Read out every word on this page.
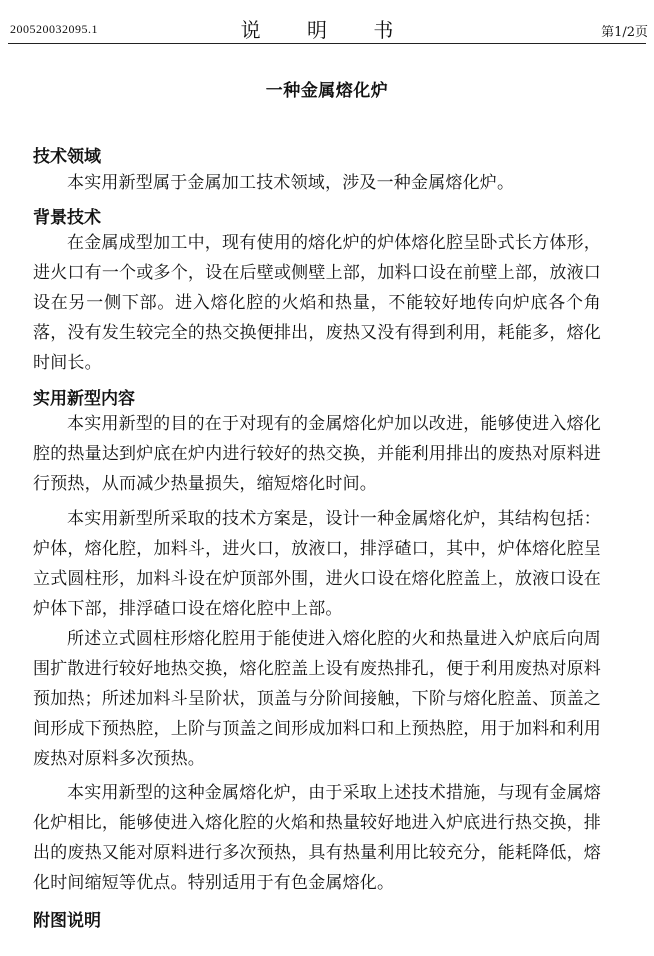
200520032095.1	说 明 书	第1/2页
一种金属熔化炉
技术领域
本实用新型属于金属加工技术领域，涉及一种金属熔化炉。
背景技术
在金属成型加工中，现有使用的熔化炉的炉体熔化腔呈卧式长方体形，进火口有一个或多个，设在后壁或侧壁上部，加料口设在前壁上部，放液口设在另一侧下部。进入熔化腔的火焰和热量，不能较好地传向炉底各个角落，没有发生较完全的热交换便排出，废热又没有得到利用，耗能多，熔化时间长。
实用新型内容
本实用新型的目的在于对现有的金属熔化炉加以改进，能够使进入熔化腔的热量达到炉底在炉内进行较好的热交换，并能利用排出的废热对原料进行预热，从而减少热量损失，缩短熔化时间。
本实用新型所采取的技术方案是，设计一种金属熔化炉，其结构包括：炉体，熔化腔，加料斗，进火口，放液口，排浮碴口，其中，炉体熔化腔呈立式圆柱形，加料斗设在炉顶部外围，进火口设在熔化腔盖上，放液口设在炉体下部，排浮碴口设在熔化腔中上部。
所述立式圆柱形熔化腔用于能使进入熔化腔的火和热量进入炉底后向周围扩散进行较好地热交换，熔化腔盖上设有废热排孔，便于利用废热对原料预加热；所述加料斗呈阶状，顶盖与分阶间接触，下阶与熔化腔盖、顶盖之间形成下预热腔，上阶与顶盖之间形成加料口和上预热腔，用于加料和利用废热对原料多次预热。
本实用新型的这种金属熔化炉，由于采取上述技术措施，与现有金属熔化炉相比，能够使进入熔化腔的火焰和热量较好地进入炉底进行热交换，排出的废热又能对原料进行多次预热，具有热量利用比较充分，能耗降低，熔化时间缩短等优点。特别适用于有色金属熔化。
附图说明
